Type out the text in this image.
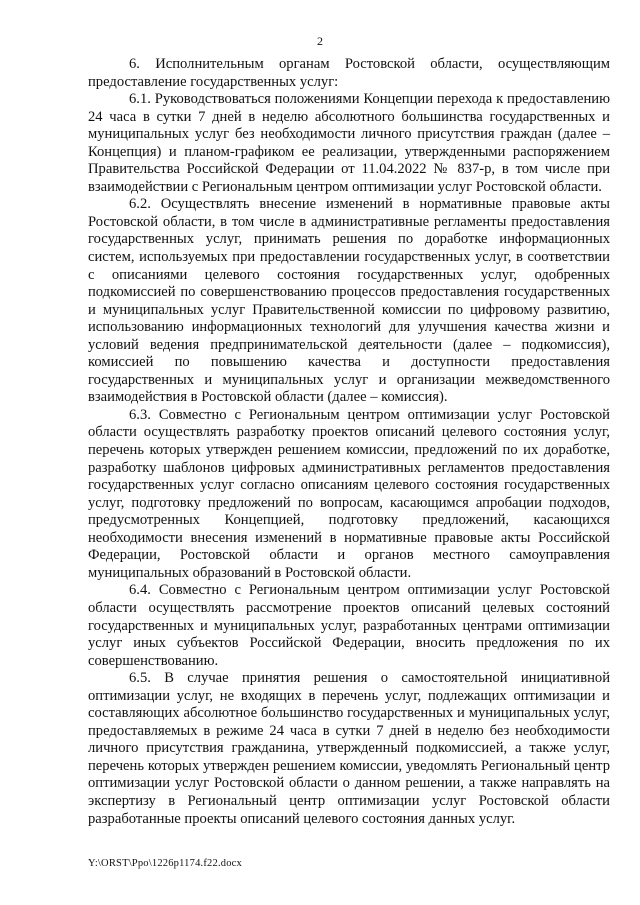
2

6. Исполнительным органам Ростовской области, осуществляющим предоставление государственных услуг:

6.1. Руководствоваться положениями Концепции перехода к предоставлению 24 часа в сутки 7 дней в неделю абсолютного большинства государственных и муниципальных услуг без необходимости личного присутствия граждан (далее – Концепция) и планом-графиком ее реализации, утвержденными распоряжением Правительства Российской Федерации от 11.04.2022 № 837-р, в том числе при взаимодействии с Региональным центром оптимизации услуг Ростовской области.

6.2. Осуществлять внесение изменений в нормативные правовые акты Ростовской области, в том числе в административные регламенты предоставления государственных услуг, принимать решения по доработке информационных систем, используемых при предоставлении государственных услуг, в соответствии с описаниями целевого состояния государственных услуг, одобренных подкомиссией по совершенствованию процессов предоставления государственных и муниципальных услуг Правительственной комиссии по цифровому развитию, использованию информационных технологий для улучшения качества жизни и условий ведения предпринимательской деятельности (далее – подкомиссия), комиссией по повышению качества и доступности предоставления государственных и муниципальных услуг и организации межведомственного взаимодействия в Ростовской области (далее – комиссия).

6.3. Совместно с Региональным центром оптимизации услуг Ростовской области осуществлять разработку проектов описаний целевого состояния услуг, перечень которых утвержден решением комиссии, предложений по их доработке, разработку шаблонов цифровых административных регламентов предоставления государственных услуг согласно описаниям целевого состояния государственных услуг, подготовку предложений по вопросам, касающимся апробации подходов, предусмотренных Концепцией, подготовку предложений, касающихся необходимости внесения изменений в нормативные правовые акты Российской Федерации, Ростовской области и органов местного самоуправления муниципальных образований в Ростовской области.

6.4. Совместно с Региональным центром оптимизации услуг Ростовской области осуществлять рассмотрение проектов описаний целевых состояний государственных и муниципальных услуг, разработанных центрами оптимизации услуг иных субъектов Российской Федерации, вносить предложения по их совершенствованию.

6.5. В случае принятия решения о самостоятельной инициативной оптимизации услуг, не входящих в перечень услуг, подлежащих оптимизации и составляющих абсолютное большинство государственных и муниципальных услуг, предоставляемых в режиме 24 часа в сутки 7 дней в неделю без необходимости личного присутствия гражданина, утвержденный подкомиссией, а также услуг, перечень которых утвержден решением комиссии, уведомлять Региональный центр оптимизации услуг Ростовской области о данном решении, а также направлять на экспертизу в Региональный центр оптимизации услуг Ростовской области разработанные проекты описаний целевого состояния данных услуг.

Y:\ORST\Ppo\1226p1174.f22.docx
